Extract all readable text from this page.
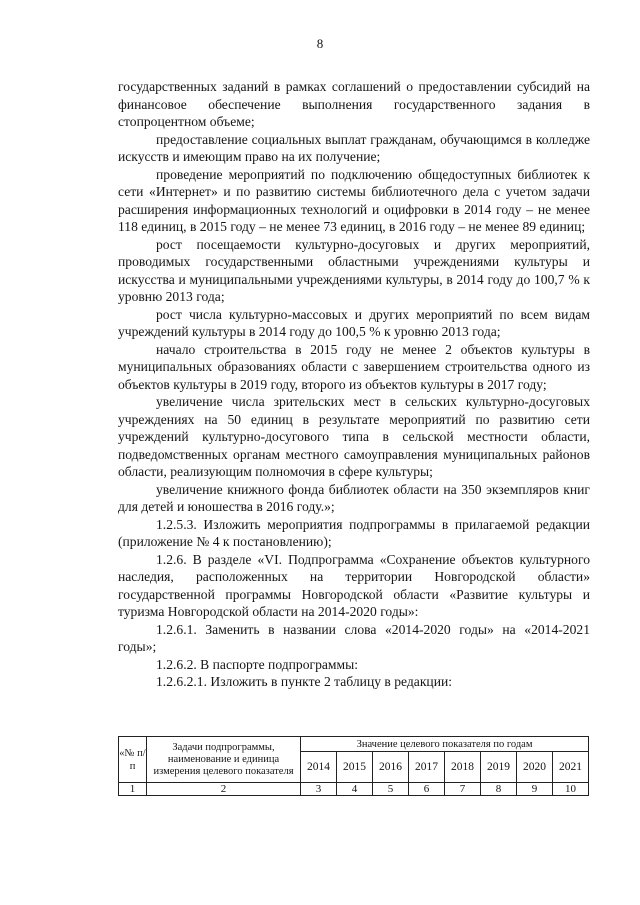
8

государственных заданий в рамках соглашений о предоставлении субсидий на финансовое обеспечение выполнения государственного задания в стопроцентном объеме;

предоставление социальных выплат гражданам, обучающимся в колледже искусств и имеющим право на их получение;

проведение мероприятий по подключению общедоступных библиотек к сети «Интернет» и по развитию системы библиотечного дела с учетом задачи расширения информационных технологий и оцифровки в 2014 году – не менее 118 единиц, в 2015 году – не менее 73 единиц, в 2016 году – не менее 89 единиц;

рост посещаемости культурно-досуговых и других мероприятий, проводимых государственными областными учреждениями культуры и искусства и муниципальными учреждениями культуры, в 2014 году до 100,7 % к уровню 2013 года;

рост числа культурно-массовых и других мероприятий по всем видам учреждений культуры в 2014 году до 100,5 % к уровню 2013 года;

начало строительства в 2015 году не менее 2 объектов культуры в муниципальных образованиях области с завершением строительства одного из объектов культуры в 2019 году, второго из объектов культуры в 2017 году;

увеличение числа зрительских мест в сельских культурно-досуговых учреждениях на 50 единиц в результате мероприятий по развитию сети учреждений культурно-досугового типа в сельской местности области, подведомственных органам местного самоуправления муниципальных районов области, реализующим полномочия в сфере культуры;

увеличение книжного фонда библиотек области на 350 экземпляров книг для детей и юношества в 2016 году.»;

1.2.5.3. Изложить мероприятия подпрограммы в прилагаемой редакции (приложение № 4 к постановлению);

1.2.6. В разделе «VI. Подпрограмма «Сохранение объектов культурного наследия, расположенных на территории Новгородской области» государственной программы Новгородской области «Развитие культуры и туризма Новгородской области на 2014-2020 годы»:

1.2.6.1. Заменить в названии слова «2014-2020 годы» на «2014-2021 годы»;

1.2.6.2. В паспорте подпрограммы:

1.2.6.2.1. Изложить в пункте 2 таблицу в редакции:

«№ п/п	Задачи подпрограммы, наименование и единица измерения целевого показателя	Значение целевого показателя по годам							
		2014	2015	2016	2017	2018	2019	2020	2021
1	2	3	4	5	6	7	8	9	10
